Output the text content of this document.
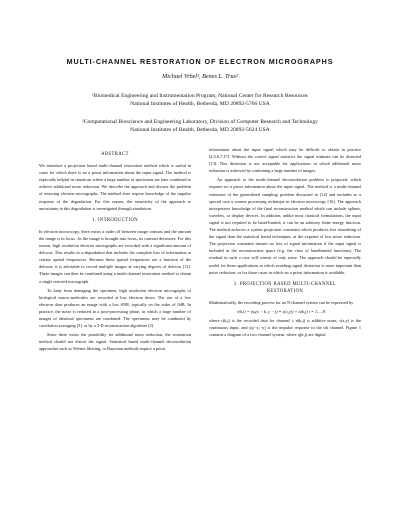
MULTI-CHANNEL RESTORATION OF ELECTRON MICROGRAPHS
Michael Vrhel¹, Benes L. Trus²
¹Biomedical Engineering and Instrumentation Program, National Center for Research Resources
National Institutes of Health, Bethesda, MD 20892-5766 USA
²Computational Bioscience and Engineering Laboratory, Division of Computer Research and Technology
National Institutes of Health, Bethesda, MD 20892-5624 USA
ABSTRACT

We introduce a projection based multi-channel restoration method which is useful in cases for which there is no a priori information about the input signal. The method is especially helpful in situations where a large number of specimens are later combined to achieve additional noise reduction. We describe the approach and discuss the problem of restoring electron micrographs. The method does require knowledge of the impulse response of the degradation. For this reason, the sensitivity of the approach to uncertainty in this degradation is investigated through simulation.

1. INTRODUCTION

In electron microscopy, there exists a trade off between image contrast and the amount the image is in focus. As the image is brought into focus, its contrast decreases. For this reason, high resolution electron micrographs are recorded with a significant amount of defocus. This results in a degradation that includes the complete loss of information at certain spatial frequencies. Because these spatial frequencies are a function of the defocus, it is advisable to record multiple images at varying degrees of defocus [12]. These images can then be combined using a multi-channel restoration method to obtain a single restored micrograph.

To keep from damaging the specimen, high resolution electron micrographs of biological macro-molecules are recorded at low electron doses. The use of a low electron dose produces an image with a low SNR, typically on the order of 0dB. In practice, the noise is reduced in a post-processing phase, in which a large number of images of identical specimens are combined. The specimens may be combined by correlation averaging [3], or by a 3-D reconstruction algorithm [2].

Since there exists the possibility for additional noise reduction, the restoration method should not distort the signal. Statistical based multi-channel deconvolution approaches such as Wiener filtering, or Bayesian methods require a priori

information about the input signal which may be difficult to obtain in practice [4,5,6,7,17]. Without the correct signal statistics the signal estimate can be distorted [13]. This distortion is not acceptable for applications in which additional noise reduction is achieved by combining a large number of images.

An approach to the multi-channel deconvolution problem is proposed, which requires no a priori information about the input signal. The method is a multi-channel extension of the generalized sampling problem discussed in [14] and includes as a special case a current processing technique in electron microscopy [16]. The approach incorporates knowledge of the final reconstruction method which can include splines, wavelets, or display devices. In addition, unlike most classical formulations, the input signal is not required to be band-limited; it can be an arbitrary finite energy function. The method enforces a system projection constraint which produces less smoothing of the signal than the statistical based techniques, at the expense of less noise reduction. The projection constraint insures no loss of signal information if the input signal is included in the reconstruction space (e.g. the class of bandlimited functions). The residual in such a case will consist of only noise. The approach should be especially useful for those applications in which avoiding signal distortion is more important than noise reduction, or for those cases in which no a priori information is available.

2. PROJECTION BASED MULTI-CHANNEL
RESTORATION

Mathematically, the recording process for an N-channel system can be expressed by

r(k,i) = (ψᵢ(x − k, y − j) ∗ s(x,y)) + n(k,j) i = 1,...,N

where r(k,j) is the recorded data for channel i, n(k,j) is additive noise, s(x,y) is the continuous input, and ψᵢ(−x,−y) is the impulse response in the ith channel. Figure 1 contains a diagram of a two channel system, where q(k,j) are digital
